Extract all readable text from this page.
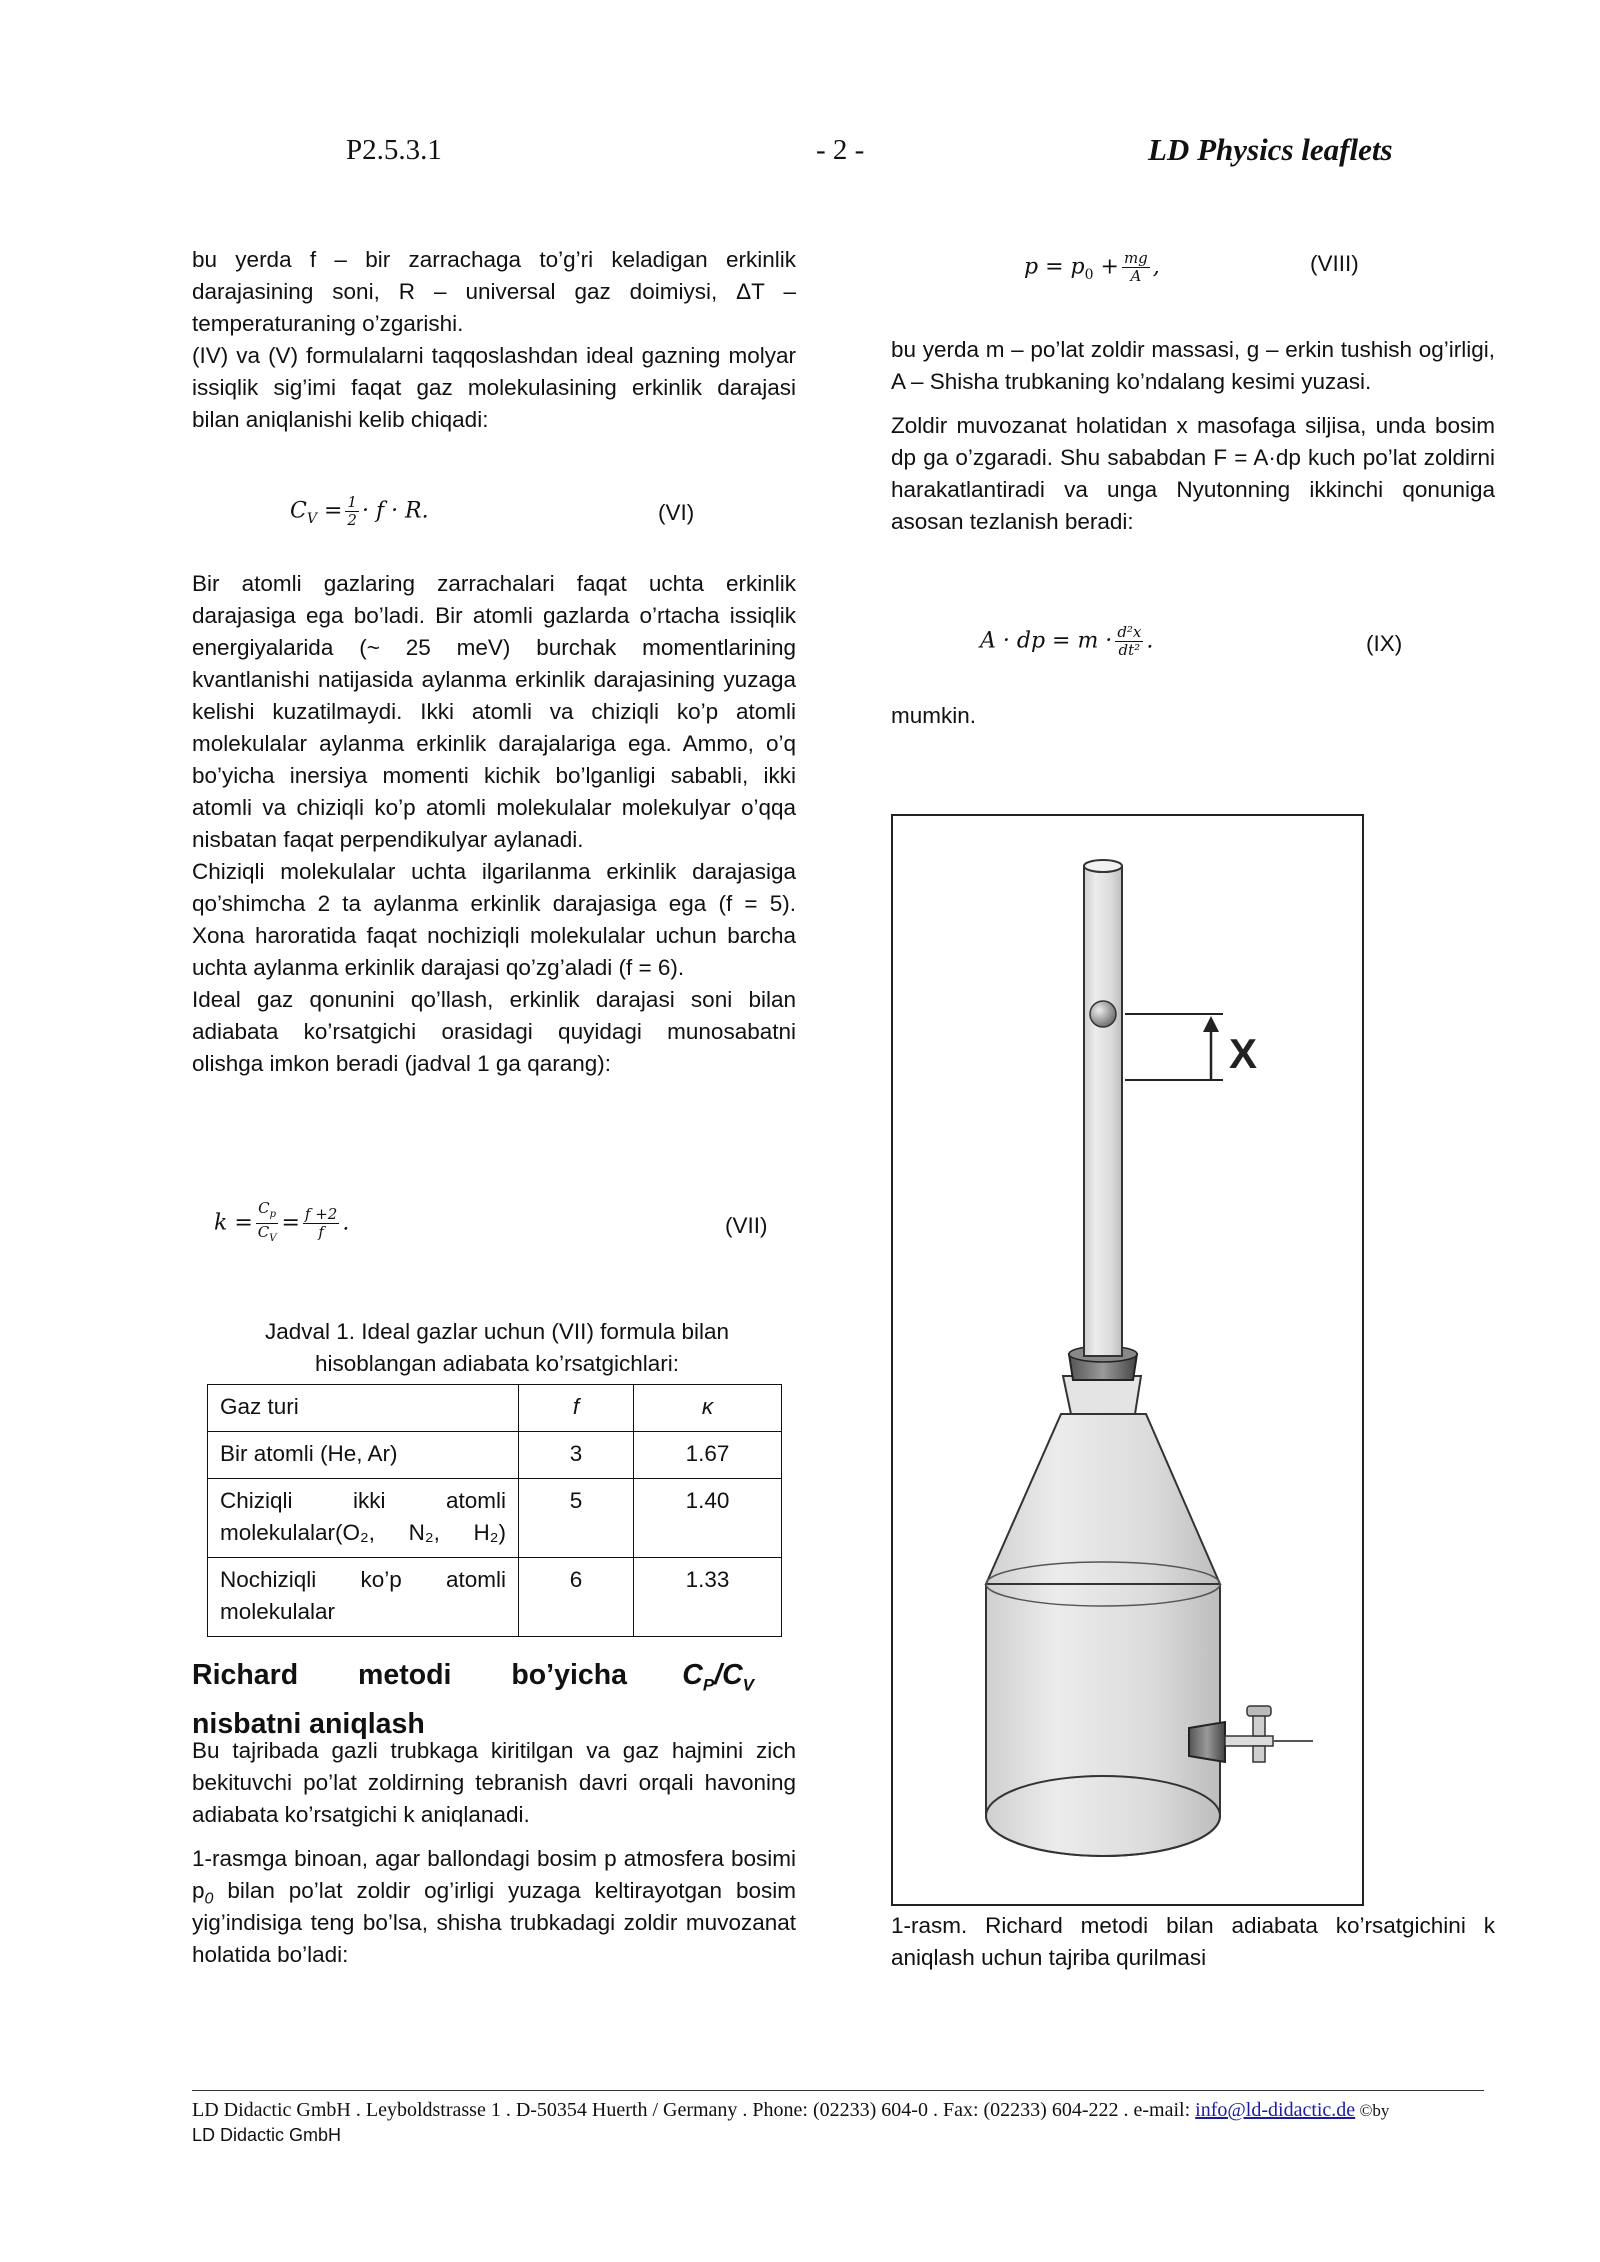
P2.5.3.1	- 2 -	LD Physics leaflets

bu yerda f – bir zarrachaga to’g’ri keladigan erkinlik darajasining soni, R – universal gaz doimiysi, ΔT – temperaturaning o’zgarishi.

(IV) va (V) formulalarni taqqoslashdan ideal gazning molyar issiqlik sig’imi faqat gaz molekulasining erkinlik darajasi bilan aniqlanishi kelib chiqadi:

$C_V = \frac{1}{2} \cdot f \cdot R$.	(VI)

Bir atomli gazlaring zarrachalari faqat uchta erkinlik darajasiga ega bo’ladi. Bir atomli gazlarda o’rtacha issiqlik energiyalarida (~ 25 meV) burchak momentlarining kvantlanishi natijasida aylanma erkinlik darajasining yuzaga kelishi kuzatilmaydi. Ikki atomli va chiziqli ko’p atomli molekulalar aylanma erkinlik darajalariga ega. Ammo, o’q bo’yicha inersiya momenti kichik bo’lganligi sababli, ikki atomli va chiziqli ko’p atomli molekulalar molekulyar o’qqa nisbatan faqat perpendikulyar aylanadi.

Chiziqli molekulalar uchta ilgarilanma erkinlik darajasiga qo’shimcha 2 ta aylanma erkinlik darajasiga ega (f = 5). Xona haroratida faqat nochiziqli molekulalar uchun barcha uchta aylanma erkinlik darajasi qo’zg’aladi (f = 6).

Ideal gaz qonunini qo’llash, erkinlik darajasi soni bilan adiabata ko’rsatgichi orasidagi quyidagi munosabatni olishga imkon beradi (jadval 1 ga qarang):

$k = \frac{C_p}{C_V} = \frac{f +2}{f}$ .	(VII)
Jadval 1. Ideal gazlar uchun (VII) formula bilan hisoblangan adiabata ko’rsatgichlari:
Gaz turi	f	κ
Bir atomli (He, Ar)	3	1.67
Chiziqli ikki atomli molekulalar(O₂, N₂, H₂)	5	1.40
Nochiziqli ko’p atomli molekulalar	6	1.33
Richard metodi bo’yicha $C_P/C_V$
nisbatni aniqlash

Bu tajribada gazli trubkaga kiritilgan va gaz hajmini zich bekituvchi po’lat zoldirning tebranish davri orqali havoning adiabata ko’rsatgichi k aniqlanadi.

1-rasmga binoan, agar ballondagi bosim p atmosfera bosimi $p_0$ bilan po’lat zoldir og’irligi yuzaga keltirayotgan bosim yig’indisiga teng bo’lsa, shisha trubkadagi zoldir muvozanat holatida bo’ladi:

$p = p_0 + \frac{mg}{A}$ ,	(VIII)

bu yerda m – po’lat zoldir massasi, g – erkin tushish og’irligi, A – Shisha trubkaning ko’ndalang kesimi yuzasi.

Zoldir muvozanat holatidan x masofaga siljisa, unda bosim dp ga o’zgaradi. Shu sababdan F = A·dp kuch po’lat zoldirni harakatlantiradi va unga Nyutonning ikkinchi qonuniga asosan tezlanish beradi:

A · dp = $m \cdot \frac{\text{d²x}}{\text{dt²}}$ .	(IX)
mumkin.
X
1-rasm. Richard metodi bilan adiabata ko’rsatgichini k aniqlash uchun tajriba qurilmasi
LD Didactic GmbH . Leyboldstrasse 1 . D-50354 Huerth / Germany . Phone: (02233) 604-0 . Fax: (02233) 604-222 . e-mail: info@ld-didactic.de ©by
LD Didactic GmbH
